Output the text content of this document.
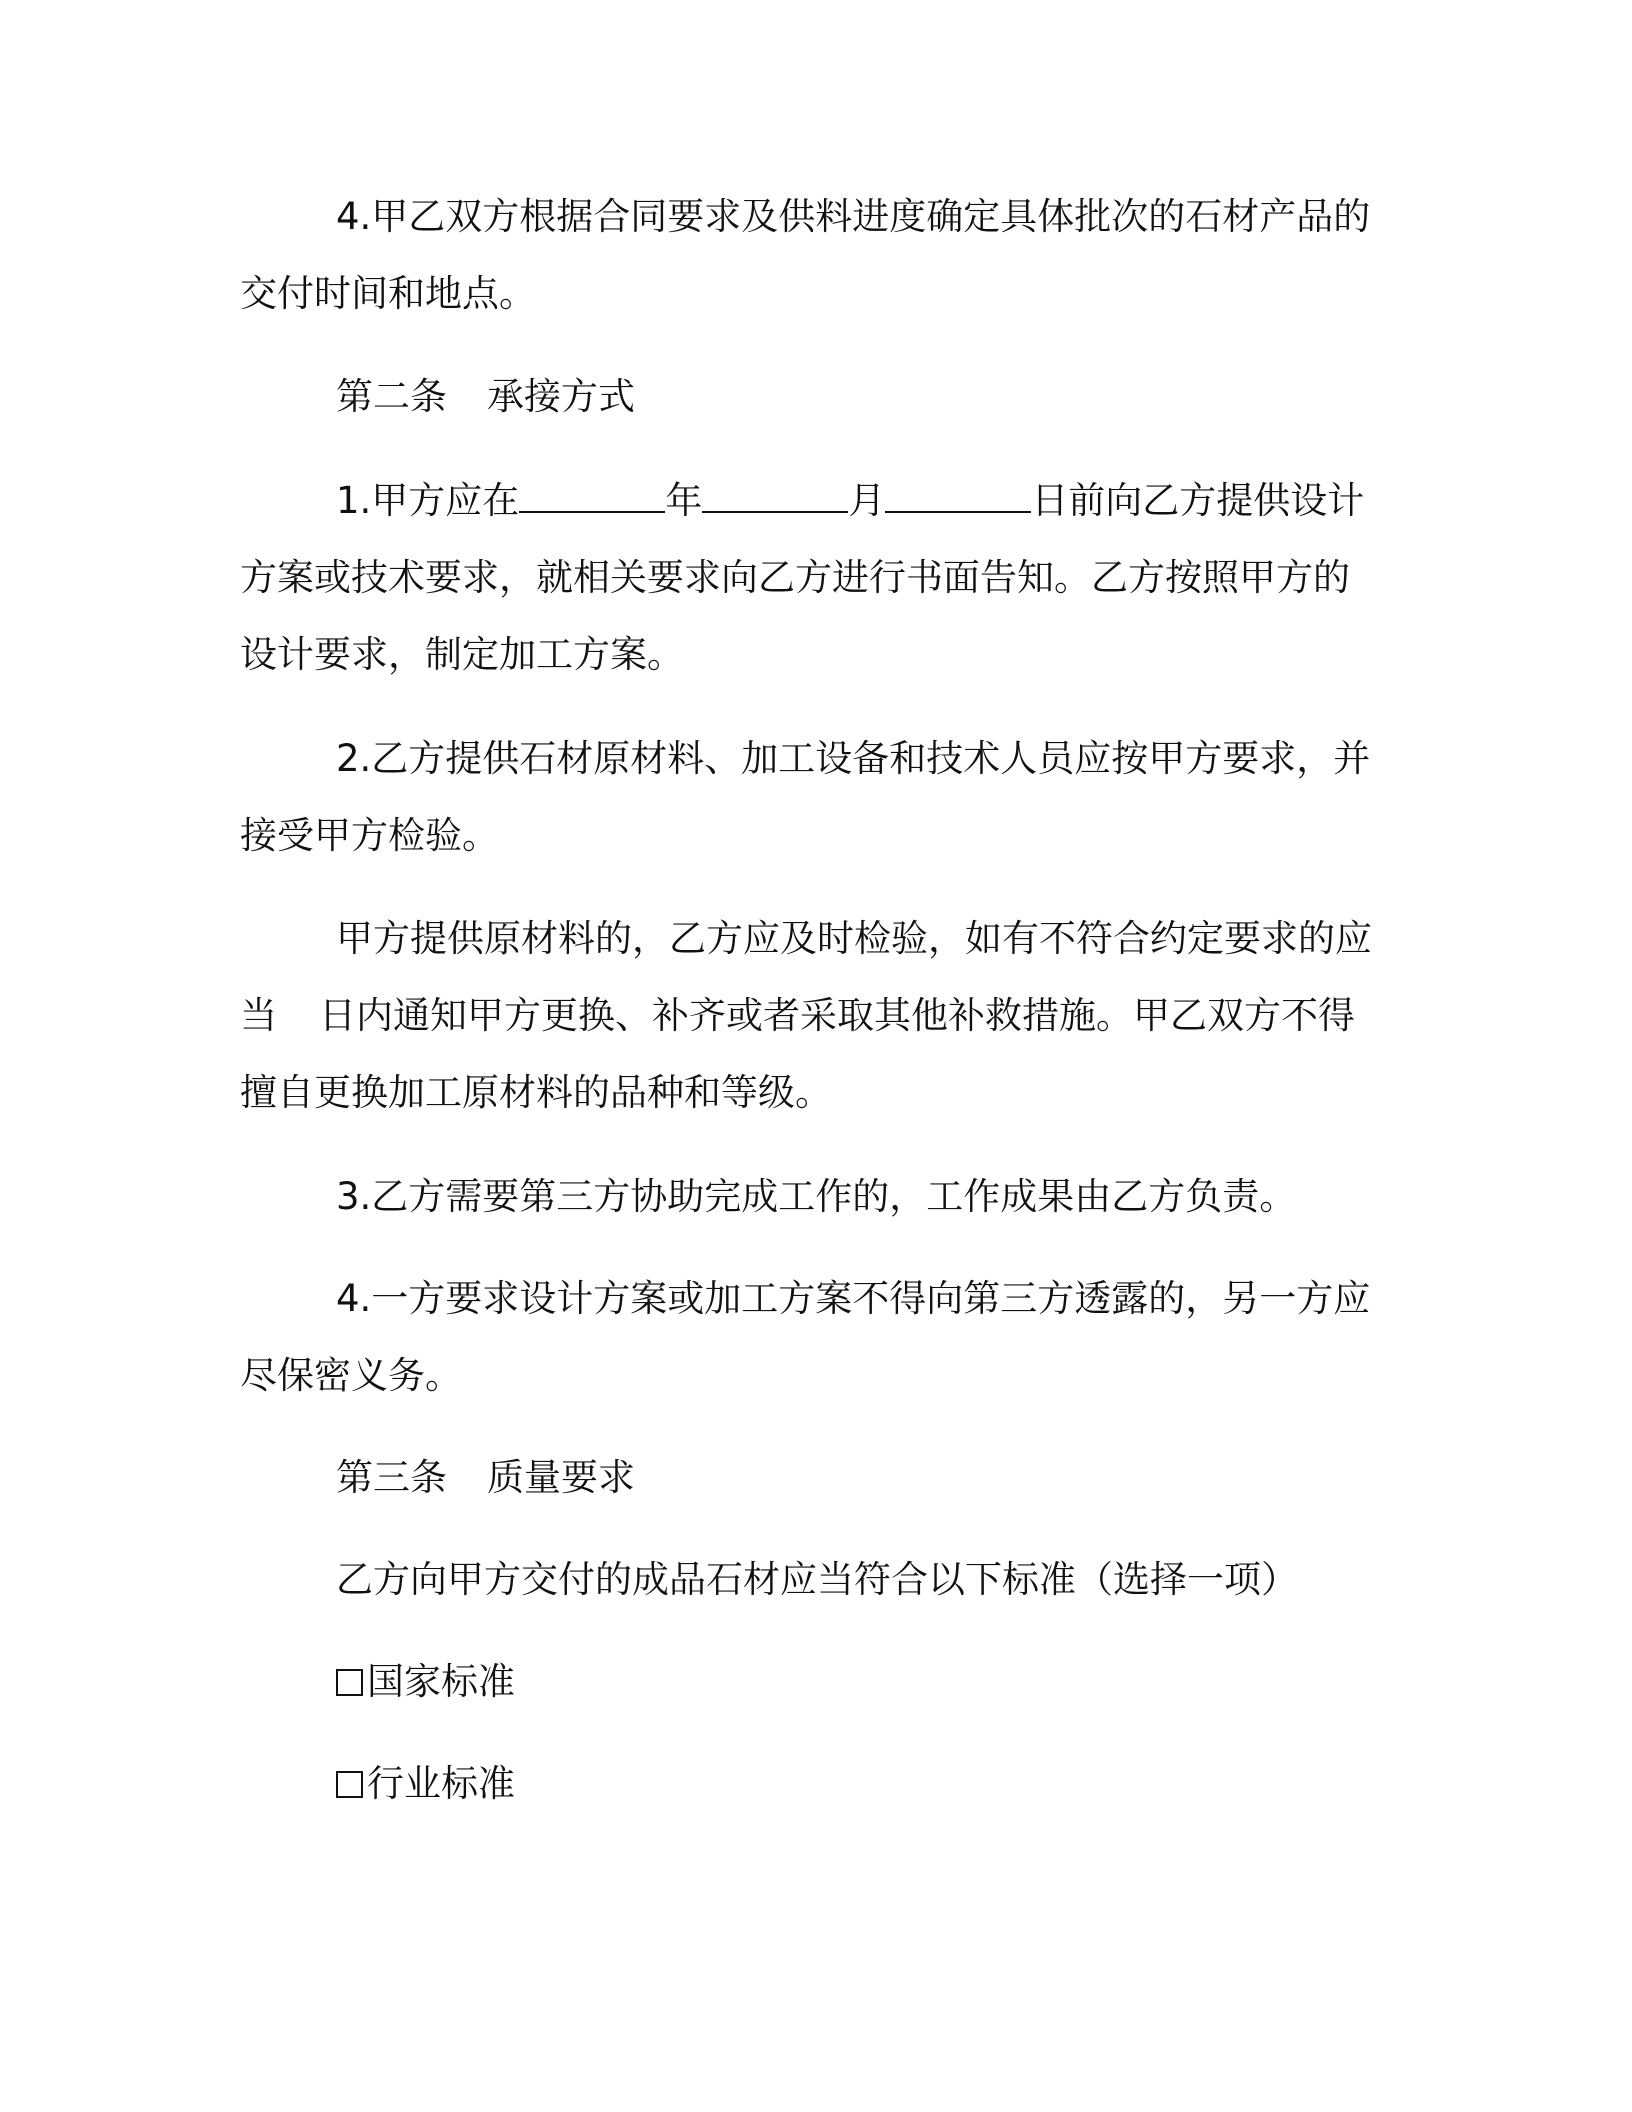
4.甲乙双方根据合同要求及供料进度确定具体批次的石材产品的
交付时间和地点。
第二条 承接方式
1.甲方应在	年	月	日前向乙方提供设计
方案或技术要求，就相关要求向乙方进行书面告知。乙方按照甲方的
设计要求，制定加工方案。
2.乙方提供石材原材料、加工设备和技术人员应按甲方要求，并
接受甲方检验。
甲方提供原材料的，乙方应及时检验，如有不符合约定要求的应
当 日内通知甲方更换、补齐或者采取其他补救措施。甲乙双方不得
擅自更换加工原材料的品种和等级。
3.乙方需要第三方协助完成工作的，工作成果由乙方负责。
4.一方要求设计方案或加工方案不得向第三方透露的，另一方应
尽保密义务。
第三条 质量要求
乙方向甲方交付的成品石材应当符合以下标准（选择一项）
国家标准
行业标准
